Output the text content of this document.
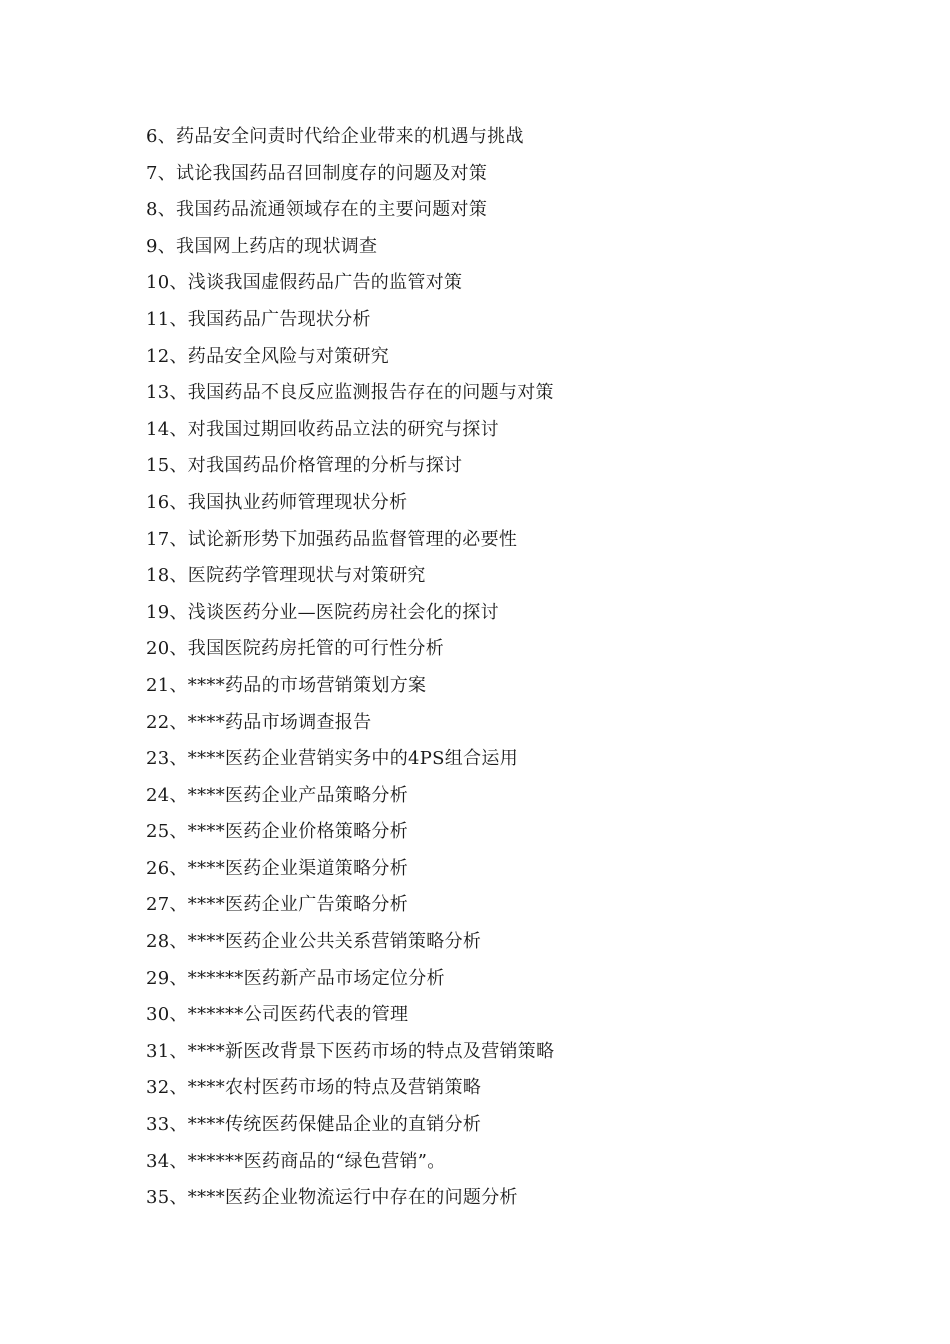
6、药品安全问责时代给企业带来的机遇与挑战
7、试论我国药品召回制度存的问题及对策
8、我国药品流通领域存在的主要问题对策
9、我国网上药店的现状调查
10、浅谈我国虚假药品广告的监管对策
11、我国药品广告现状分析
12、药品安全风险与对策研究
13、我国药品不良反应监测报告存在的问题与对策
14、对我国过期回收药品立法的研究与探讨
15、对我国药品价格管理的分析与探讨
16、我国执业药师管理现状分析
17、试论新形势下加强药品监督管理的必要性
18、医院药学管理现状与对策研究
19、浅谈医药分业—医院药房社会化的探讨
20、我国医院药房托管的可行性分析
21、****药品的市场营销策划方案
22、****药品市场调查报告
23、****医药企业营销实务中的4PS组合运用
24、****医药企业产品策略分析
25、****医药企业价格策略分析
26、****医药企业渠道策略分析
27、****医药企业广告策略分析
28、****医药企业公共关系营销策略分析
29、******医药新产品市场定位分析
30、******公司医药代表的管理
31、****新医改背景下医药市场的特点及营销策略
32、****农村医药市场的特点及营销策略
33、****传统医药保健品企业的直销分析
34、******医药商品的“绿色营销”。
35、****医药企业物流运行中存在的问题分析
